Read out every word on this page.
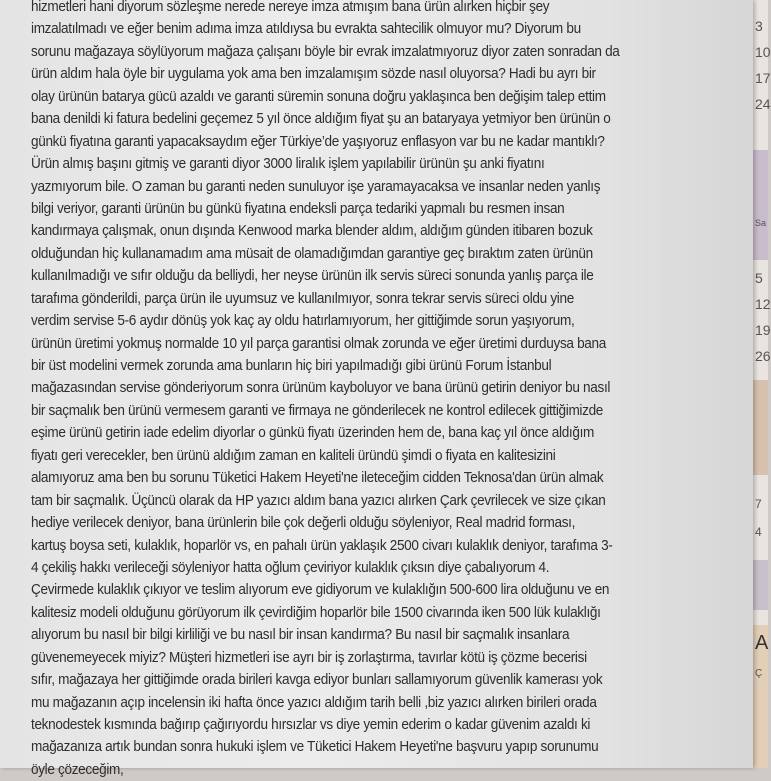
3
10
17
24
Sa
5
12
19
26
7
4
A
Ç
hizmetleri hani diyorum sözleşme nerede nereye imza atmışım bana ürün alırken hiçbir şey
imzalatılmadı ve eğer benim adıma imza atıldıysa bu evrakta sahtecilik olmuyor mu? Diyorum bu
sorunu mağazaya söylüyorum mağaza çalışanı böyle bir evrak imzalatmıyoruz diyor zaten sonradan da
ürün aldım hala öyle bir uygulama yok ama ben imzalamışım sözde nasıl oluyorsa? Hadi bu ayrı bir
olay ürünün batarya gücü azaldı ve garanti süremin sonuna doğru yaklaşınca ben değişim talep ettim
bana denildi ki fatura bedelini geçemez 5 yıl önce aldığım fiyat şu an bataryaya yetmiyor ben ürünün o
günkü fiyatına garanti yapacaksaydım eğer Türkiye’de yaşıyoruz enflasyon var bu ne kadar mantıklı?
Ürün almış başını gitmiş ve garanti diyor 3000 liralık işlem yapılabilir ürünün şu anki fiyatını
yazmıyorum bile. O zaman bu garanti neden sunuluyor işe yaramayacaksa ve insanlar neden yanlış
bilgi veriyor, garanti ürünün bu günkü fiyatına endeksli parça tedariki yapmalı bu resmen insan
kandırmaya çalışmak, onun dışında Kenwood marka blender aldım, aldığım günden itibaren bozuk
olduğundan hiç kullanamadım ama müsait de olamadığımdan garantiye geç bıraktım zaten ürünün
kullanılmadığı ve sıfır olduğu da belliydi, her neyse ürünün ilk servis süreci sonunda yanlış parça ile
tarafıma gönderildi, parça ürün ile uyumsuz ve kullanılmıyor, sonra tekrar servis süreci oldu yine
verdim servise 5-6 aydır dönüş yok kaç ay oldu hatırlamıyorum, her gittiğimde sorun yaşıyorum,
ürünün üretimi yokmuş normalde 10 yıl parça garantisi olmak zorunda ve eğer üretimi durduysa bana
bir üst modelini vermek zorunda ama bunların hiç biri yapılmadığı gibi ürünü Forum İstanbul
mağazasından servise gönderiyorum sonra ürünüm kayboluyor ve bana ürünü getirin deniyor bu nasıl
bir saçmalık ben ürünü vermesem garanti ve firmaya ne gönderilecek ne kontrol edilecek gittiğimizde
eşime ürünü getirin iade edelim diyorlar o günkü fiyatı üzerinden hem de, bana kaç yıl önce aldığım
fiyatı geri verecekler, ben ürünü aldığım zaman en kaliteli üründü şimdi o fiyata en kalitesizini
alamıyoruz ama ben bu sorunu Tüketici Hakem Heyeti'ne ileteceğim cidden Teknosa'dan ürün almak
tam bir saçmalık. Üçüncü olarak da HP yazıcı aldım bana yazıcı alırken Çark çevrilecek ve size çıkan
hediye verilecek deniyor, bana ürünlerin bile çok değerli olduğu söyleniyor, Real madrid forması,
kartuş boysa seti, kulaklık, hoparlör vs, en pahalı ürün yaklaşık 2500 civarı kulaklık deniyor, tarafıma 3-
4 çekiliş hakkı verileceği söyleniyor hatta oğlum çeviriyor kulaklık çıksın diye çabalıyorum 4.
Çevirmede kulaklık çıkıyor ve teslim alıyorum eve gidiyorum ve kulaklığın 500-600 lira olduğunu ve en
kalitesiz modeli olduğunu görüyorum ilk çevirdiğim hoparlör bile 1500 civarında iken 500 lük kulaklığı
alıyorum bu nasıl bir bilgi kirliliği ve bu nasıl bir insan kandırma? Bu nasıl bir saçmalık insanlara
güvenemeyecek miyiz? Müşteri hizmetleri ise ayrı bir iş zorlaştırma, tavırlar kötü iş çözme becerisi
sıfır, mağazaya her gittiğimde orada birileri kavga ediyor bunları sallamıyorum güvenlik kamerası yok
mu mağazanın açıp incelensin iki hafta önce yazıcı aldığım tarih belli ,biz yazıcı alırken birileri orada
teknodestek kısmında bağırıp çağırıyordu hırsızlar vs diye yemin ederim o kadar güvenim azaldı ki
mağazanıza artık bundan sonra hukuki işlem ve Tüketici Hakem Heyeti'ne başvuru yapıp sorunumu
öyle çözeceğim,
